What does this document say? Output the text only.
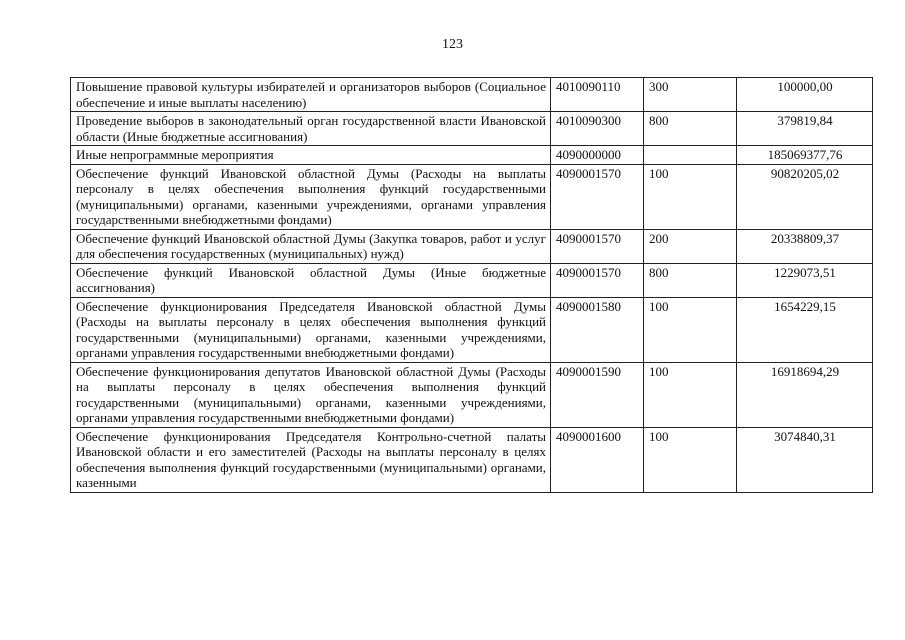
123
Повышение правовой культуры избирателей и организаторов выборов (Социальное обеспечение и иные выплаты населению)	4010090110	300	100000,00
Проведение выборов в законодательный орган государственной власти Ивановской области (Иные бюджетные ассигнования)	4010090300	800	379819,84
Иные непрограммные мероприятия	4090000000		185069377,76
Обеспечение функций Ивановской областной Думы (Расходы на выплаты персоналу в целях обеспечения выполнения функций государственными (муниципальными) органами, казенными учреждениями, органами управления государственными внебюджетными фондами)	4090001570	100	90820205,02
Обеспечение функций Ивановской областной Думы (Закупка товаров, работ и услуг для обеспечения государственных (муниципальных) нужд)	4090001570	200	20338809,37
Обеспечение функций Ивановской областной Думы (Иные бюджетные ассигнования)	4090001570	800	1229073,51
Обеспечение функционирования Председателя Ивановской областной Думы (Расходы на выплаты персоналу в целях обеспечения выполнения функций государственными (муниципальными) органами, казенными учреждениями, органами управления государственными внебюджетными фондами)	4090001580	100	1654229,15
Обеспечение функционирования депутатов Ивановской областной Думы (Расходы на выплаты персоналу в целях обеспечения выполнения функций государственными (муниципальными) органами, казенными учреждениями, органами управления государственными внебюджетными фондами)	4090001590	100	16918694,29
Обеспечение функционирования Председателя Контрольно-счетной палаты Ивановской области и его заместителей (Расходы на выплаты персоналу в целях обеспечения выполнения функций государственными (муниципальными) органами, казенными	4090001600	100	3074840,31
